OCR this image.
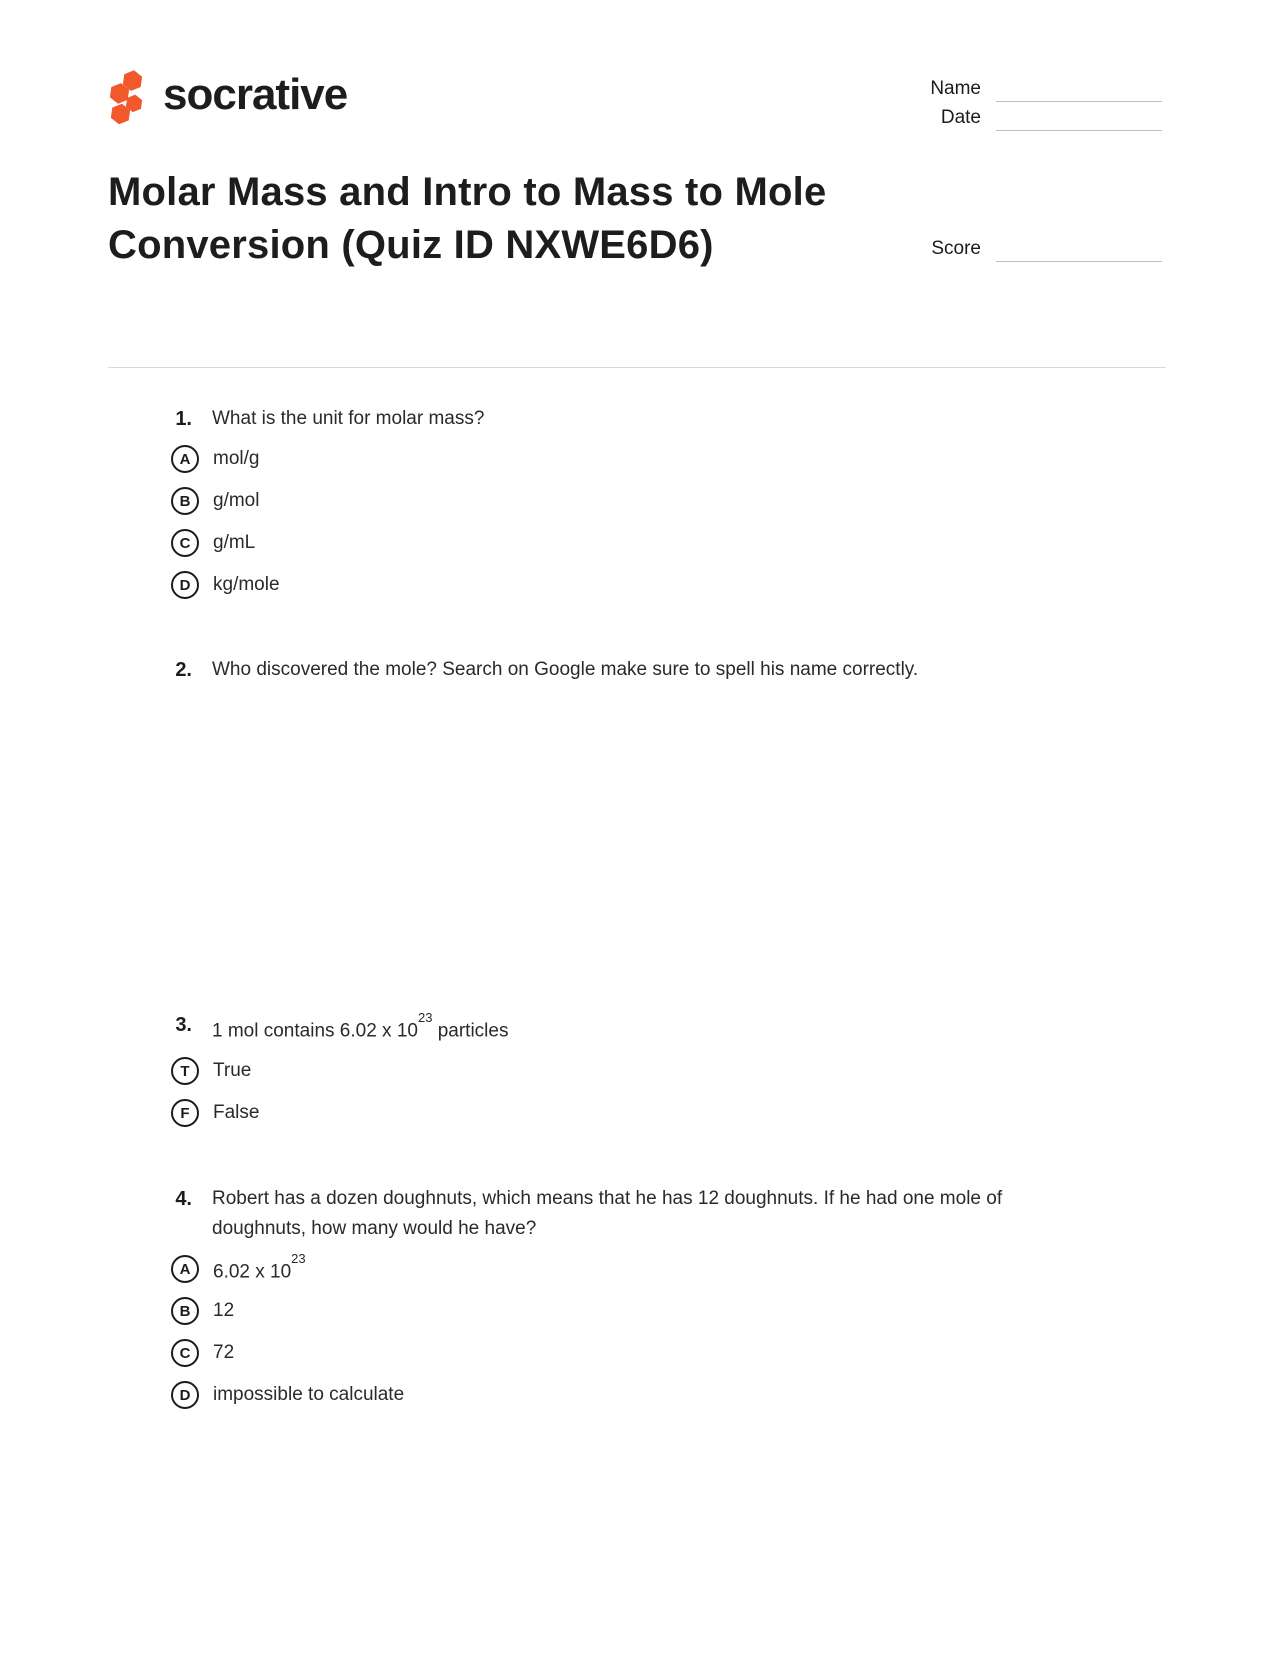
socrative	Name
Date
Score
Molar Mass and Intro to Mass to Mole Conversion (Quiz ID NXWE6D6)
1. What is the unit for molar mass?
A	mol/g
B	g/mol
C	g/mL
D	kg/mole
2. Who discovered the mole? Search on Google make sure to spell his name correctly.
3. 1 mol contains 6.02 x $10^{23}$ particles
T	True
F	False
4. Robert has a dozen doughnuts, which means that he has 12 doughnuts. If he had one mole of doughnuts, how many would he have?
A	6.02 x $10^{23}$
B	12
C	72
D	impossible to calculate
